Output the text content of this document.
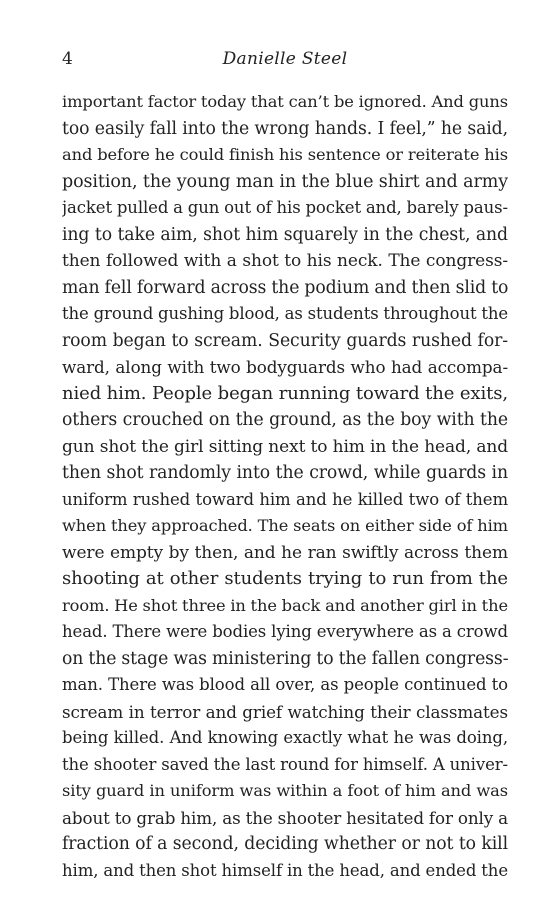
4	Danielle Steel
important factor today that can’t be ignored. And guns
too easily fall into the wrong hands. I feel,” he said,
and before he could finish his sentence or reiterate his
position, the young man in the blue shirt and army
jacket pulled a gun out of his pocket and, barely paus-
ing to take aim, shot him squarely in the chest, and
then followed with a shot to his neck. The congress-
man fell forward across the podium and then slid to
the ground gushing blood, as students throughout the
room began to scream. Security guards rushed for-
ward, along with two bodyguards who had accompa-
nied him. People began running toward the exits,
others crouched on the ground, as the boy with the
gun shot the girl sitting next to him in the head, and
then shot randomly into the crowd, while guards in
uniform rushed toward him and he killed two of them
when they approached. The seats on either side of him
were empty by then, and he ran swiftly across them
shooting at other students trying to run from the
room. He shot three in the back and another girl in the
head. There were bodies lying everywhere as a crowd
on the stage was ministering to the fallen congress-
man. There was blood all over, as people continued to
scream in terror and grief watching their classmates
being killed. And knowing exactly what he was doing,
the shooter saved the last round for himself. A univer-
sity guard in uniform was within a foot of him and was
about to grab him, as the shooter hesitated for only a
fraction of a second, deciding whether or not to kill
him, and then shot himself in the head, and ended the
